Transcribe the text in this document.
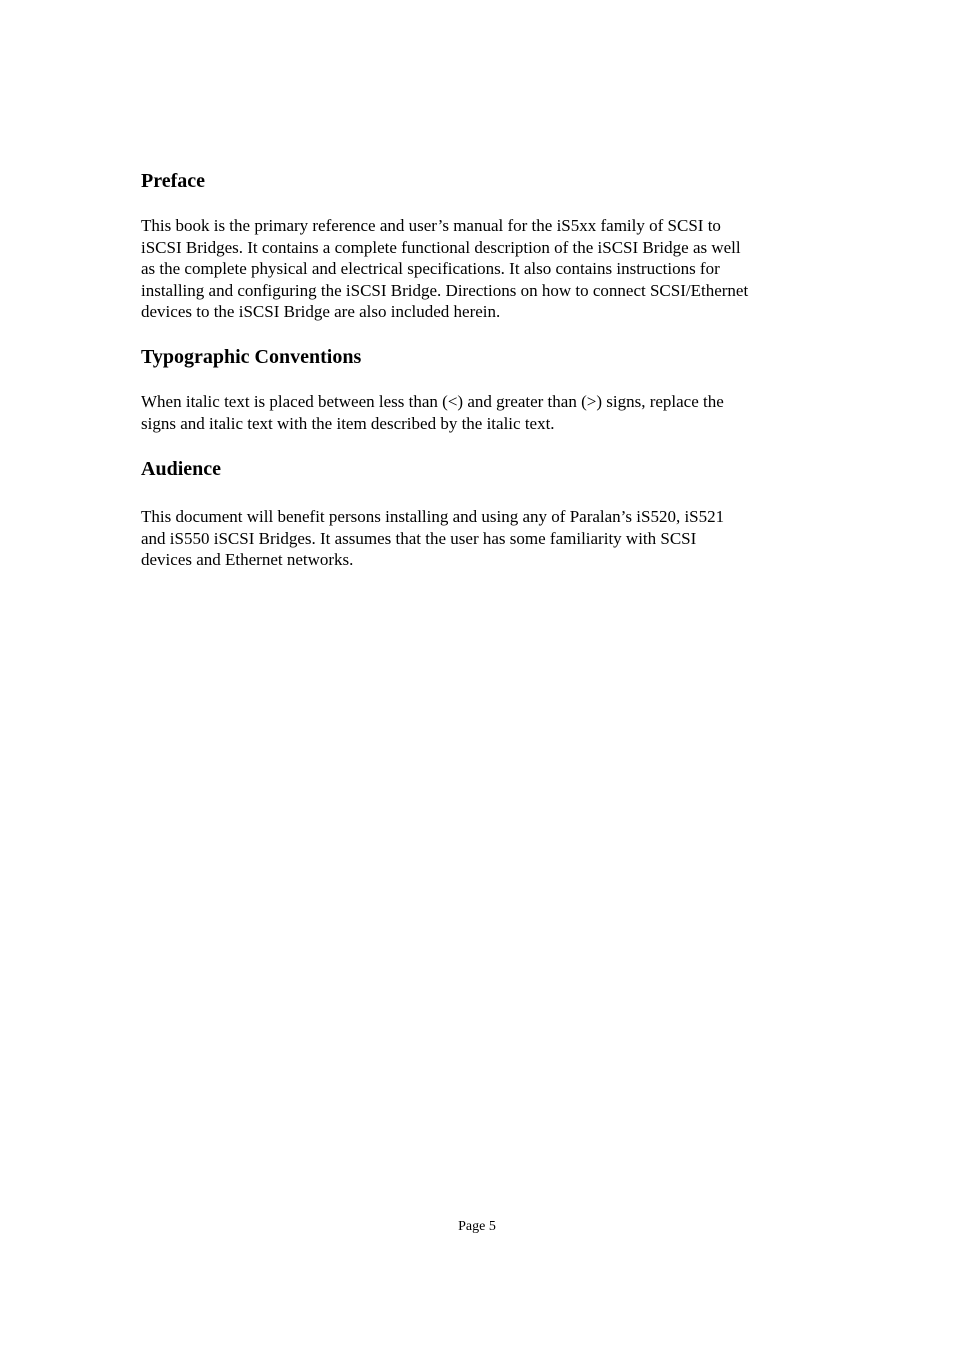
Preface

This book is the primary reference and user’s manual for the iS5xx family of SCSI to
iSCSI Bridges. It contains a complete functional description of the iSCSI Bridge as well
as the complete physical and electrical specifications. It also contains instructions for
installing and configuring the iSCSI Bridge. Directions on how to connect SCSI/Ethernet
devices to the iSCSI Bridge are also included herein.

Typographic Conventions

When italic text is placed between less than (<) and greater than (>) signs, replace the
signs and italic text with the item described by the italic text.

Audience

This document will benefit persons installing and using any of Paralan’s iS520, iS521
and iS550 iSCSI Bridges. It assumes that the user has some familiarity with SCSI
devices and Ethernet networks.

Page 5
